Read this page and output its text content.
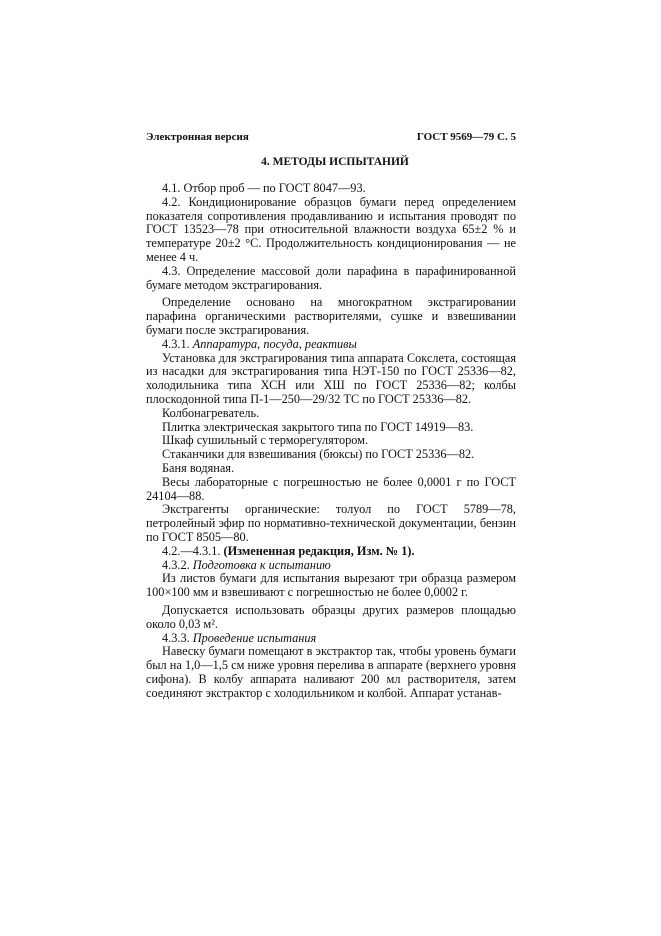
Электронная версия	ГОСТ 9569—79 С. 5
4. МЕТОДЫ ИСПЫТАНИЙ

4.1. Отбор проб — по ГОСТ 8047—93.

4.2. Кондиционирование образцов бумаги перед определением показателя сопротивления продавливанию и испытания проводят по ГОСТ 13523—78 при относительной влажности воздуха 65±2 % и температуре 20±2 °С. Продолжительность кондиционирования — не менее 4 ч.

4.3. Определение массовой доли парафина в парафинированной бумаге методом экстрагирования.

Определение основано на многократном экстрагировании парафина органическими растворителями, сушке и взвешивании бумаги после экстрагирования.

4.3.1. Аппаратура, посуда, реактивы

Установка для экстрагирования типа аппарата Сокслета, состоящая из насадки для экстрагирования типа НЭТ-150 по ГОСТ 25336—82, холодильника типа ХСН или ХШ по ГОСТ 25336—82; колбы плоскодонной типа П-1—250—29/32 ТС по ГОСТ 25336—82.

Колбонагреватель.

Плитка электрическая закрытого типа по ГОСТ 14919—83.

Шкаф сушильный с терморегулятором.

Стаканчики для взвешивания (бюксы) по ГОСТ 25336—82.

Баня водяная.

Весы лабораторные с погрешностью не более 0,0001 г по ГОСТ 24104—88.

Экстрагенты органические: толуол по ГОСТ 5789—78, петролейный эфир по нормативно-технической документации, бензин по ГОСТ 8505—80.

4.2.—4.3.1. (Измененная редакция, Изм. № 1).

4.3.2. Подготовка к испытанию

Из листов бумаги для испытания вырезают три образца размером 100×100 мм и взвешивают с погрешностью не более 0,0002 г.

Допускается использовать образцы других размеров площадью около 0,03 м².

4.3.3. Проведение испытания

Навеску бумаги помещают в экстрактор так, чтобы уровень бумаги был на 1,0—1,5 см ниже уровня перелива в аппарате (верхнего уровня сифона). В колбу аппарата наливают 200 мл растворителя, затем соединяют экстрактор с холодильником и колбой. Аппарат устанав-
